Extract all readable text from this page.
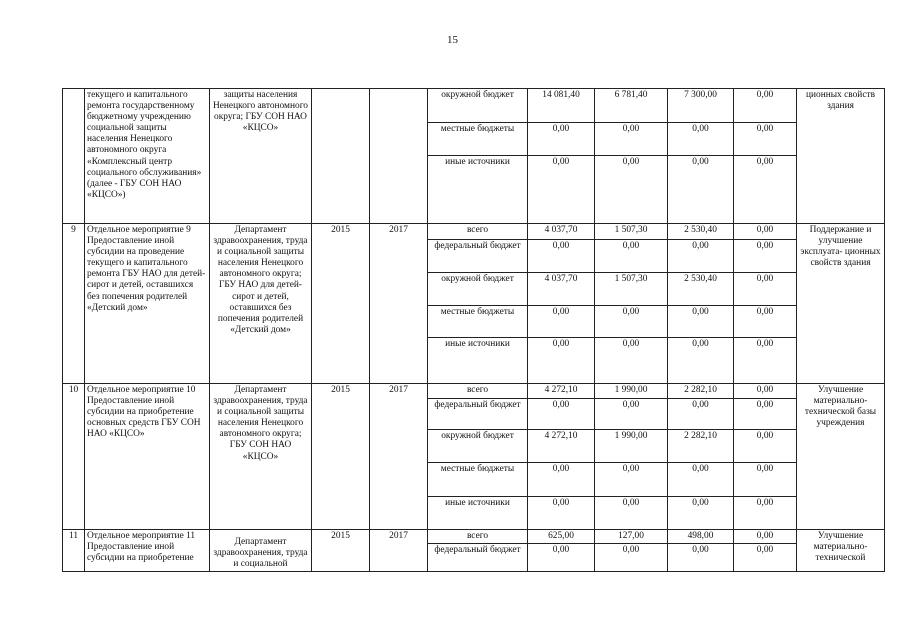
15
	текущего и капитального ремонта государственному бюджетному учреждению социальной защиты населения Ненецкого автономного округа «Комплексный центр социального обслуживания» (далее - ГБУ СОН НАО «КЦСО»)	защиты населения Ненецкого автономного округа; ГБУ СОН НАО «КЦСО»			окружной бюджет	14 081,40	6 781,40	7 300,00	0,00	ционных свойств здания
					местные бюджеты	0,00	0,00	0,00	0,00	
					иные источники	0,00	0,00	0,00	0,00	
9	Отдельное мероприятие 9 Предоставление иной субсидии на проведение текущего и капитального ремонта ГБУ НАО для детей-сирот и детей, оставшихся без попечения родителей «Детский дом»	Департамент здравоохранения, труда и социальной защиты населения Ненецкого автономного округа; ГБУ НАО для детей-сирот и детей, оставшихся без попечения родителей «Детский дом»	2015	2017	всего	4 037,70	1 507,30	2 530,40	0,00	Поддержание и улучшение эксплуата- ционных свойств здания
					федеральный бюджет	0,00	0,00	0,00	0,00	
					окружной бюджет	4 037,70	1 507,30	2 530,40	0,00	
					местные бюджеты	0,00	0,00	0,00	0,00	
					иные источники	0,00	0,00	0,00	0,00	
10	Отдельное мероприятие 10 Предоставление иной субсидии на приобретение основных средств ГБУ СОН НАО «КЦСО»	Департамент здравоохранения, труда и социальной защиты населения Ненецкого автономного округа; ГБУ СОН НАО «КЦСО»	2015	2017	всего	4 272,10	1 990,00	2 282,10	0,00	Улучшение материально- технической базы учреждения
					федеральный бюджет	0,00	0,00	0,00	0,00	
					окружной бюджет	4 272,10	1 990,00	2 282,10	0,00	
					местные бюджеты	0,00	0,00	0,00	0,00	
					иные источники	0,00	0,00	0,00	0,00	
11	Отдельное мероприятие 11 Предоставление иной субсидии на приобретение	Департамент здравоохранения, труда и социальной	2015	2017	всего	625,00	127,00	498,00	0,00	Улучшение материально- технической
					федеральный бюджет	0,00	0,00	0,00	0,00	
